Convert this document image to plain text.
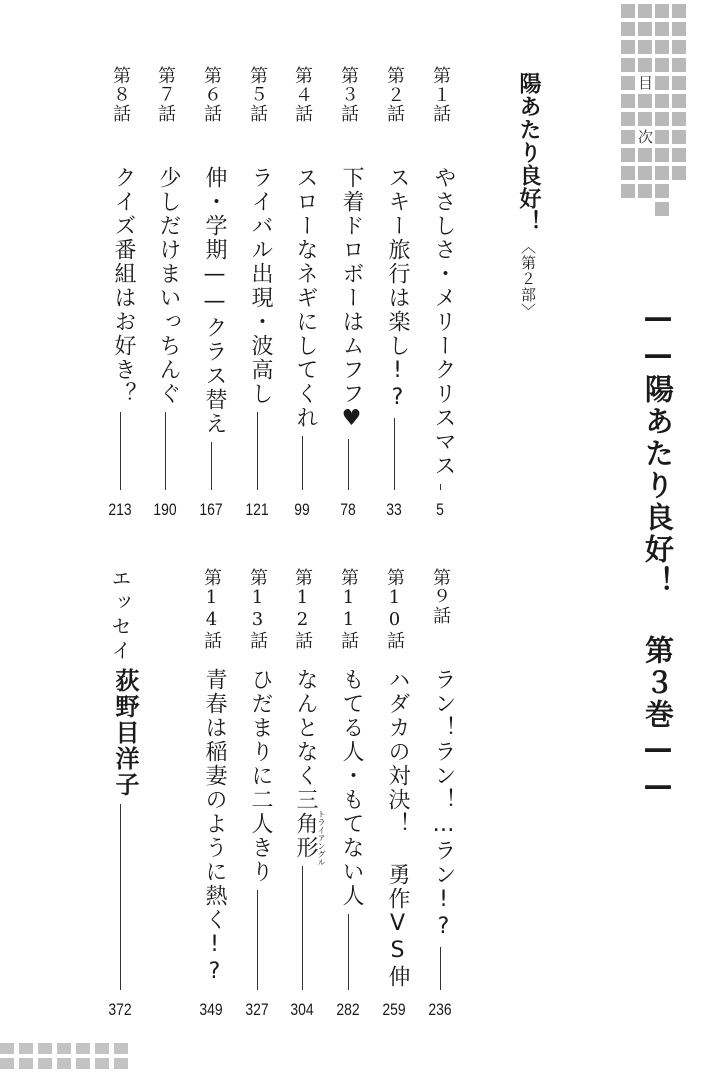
目
次
——陽あたり良好！ 第３巻——
陽あたり良好！〈第２部〉
第１話
やさしさ・メリークリスマス
5
第２話
スキー旅行は楽し!?
33
第３話
下着ドロボーはムフフ♥
78
第４話
スローなネギにしてくれ
99
第５話
ライバル出現・波高し
121
第６話
伸・学期——クラス替え
167
第７話
少しだけまいっちんぐ
190
第８話
クイズ番組はお好き？
213
第９話
ラン！ラン！…ラン!?
236
第10話
ハダカの対決！ 勇作VS伸
259
第11話
もてる人・もてない人
282
第12話
なんとなく三角形 トライアングル
304
第13話
ひだまりに二人きり
327
第14話
青春は稲妻のように熱く!?
349
エッセイ
荻野目洋子
372
